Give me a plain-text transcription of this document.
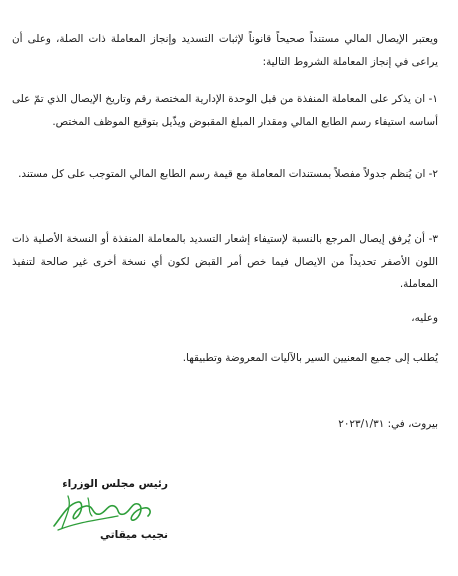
ويعتبر الإيصال المالي مستنداً صحيحاً قانوناً لإثبات التسديد وإنجاز المعاملة ذات الصلة، وعلى أن يراعى في إنجاز المعاملة الشروط التالية:
١- ان يذكر على المعاملة المنفذة من قبل الوحدة الإدارية المختصة رقم وتاريخ الإيصال الذي تمّ على أساسه استيفاء رسم الطابع المالي ومقدار المبلغ المقبوض ويذّيل بتوقيع الموظف المختص.
٢- ان يُنظم جدولاً مفصلاً بمستندات المعاملة مع قيمة رسم الطابع المالي المتوجب على كل مستند.
٣- أن يُرفق إيصال المرجع بالنسبة لإستيفاء إشعار التسديد بالمعاملة المنفذة أو النسخة الأصلية ذات اللون الأصفر تحديداً من الايصال فيما خص أمر القبض لكون أي نسخة أخرى غير صالحة لتنفيذ المعاملة.
وعليه،
يُطلب إلى جميع المعنيين السير بالآليات المعروضة وتطبيقها.
بيروت، في: ٢٠٢٣/١/٣١
رئيس مجلس الوزراء
نجيب ميقاتي
